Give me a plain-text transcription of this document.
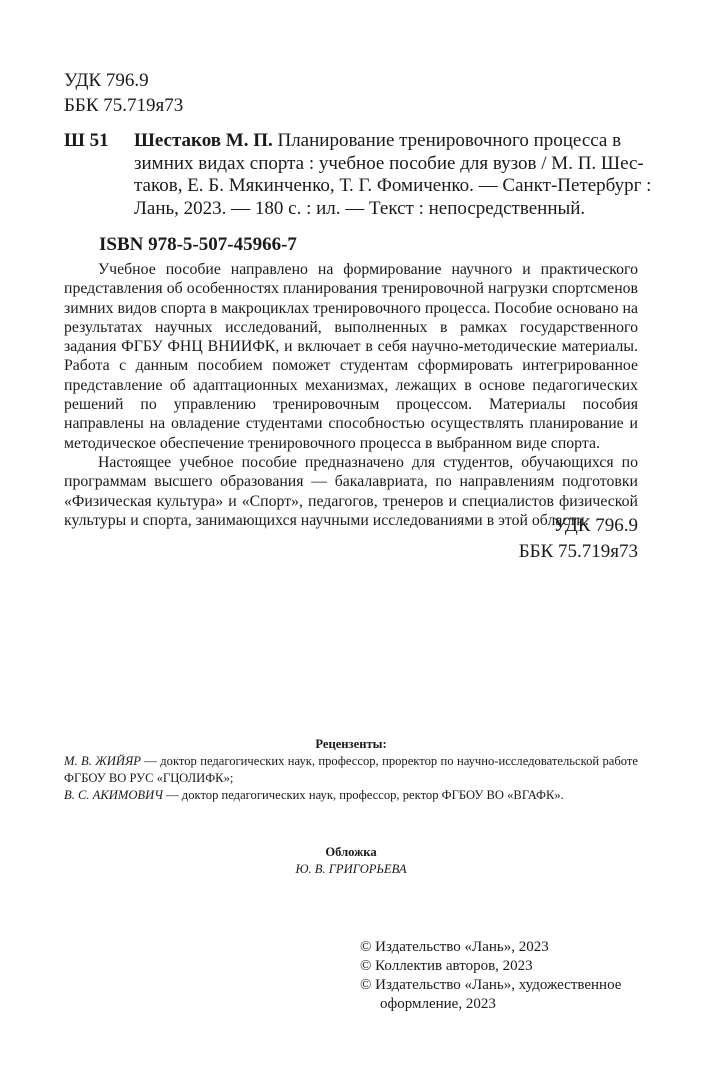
УДК 796.9
ББК 75.719я73
Ш 51	Шестаков М. П. Планирование тренировочного процесса в
зимних видах спорта : учебное пособие для вузов / М. П. Шес-
таков, Е. Б. Мякинченко, Т. Г. Фомиченко. — Санкт-Петербург :
Лань, 2023. — 180 с. : ил. — Текст : непосредственный.
ISBN 978-5-507-45966-7

Учебное пособие направлено на формирование научного и практического представления об особенностях планирования тренировочной нагрузки спортсменов зимних видов спорта в макроциклах тренировочного процесса. Пособие основано на результатах научных исследований, выполненных в рамках государственного задания ФГБУ ФНЦ ВНИИФК, и включает в себя научно-методические материалы. Работа с данным пособием поможет студентам сформировать интегрированное представление об адаптационных механизмах, лежащих в основе педагогических решений по управлению тренировочным процессом. Материалы пособия направлены на овладение студентами способностью осуществлять планирование и методическое обеспечение тренировочного процесса в выбранном виде спорта.

Настоящее учебное пособие предназначено для студентов, обучающихся по программам высшего образования — бакалавриата, по направлениям подготовки «Физическая культура» и «Спорт», педагогов, тренеров и специалистов физической культуры и спорта, занимающихся научными исследованиями в этой области.

УДК 796.9
ББК 75.719я73
Рецензенты:

М. В. ЖИЙЯР — доктор педагогических наук, профессор, проректор по научно-исследовательской работе ФГБОУ ВО РУС «ГЦОЛИФК»;

В. С. АКИМОВИЧ — доктор педагогических наук, профессор, ректор ФГБОУ ВО «ВГАФК».

Обложка
Ю. В. ГРИГОРЬЕВА
© Издательство «Лань», 2023
© Коллектив авторов, 2023
© Издательство «Лань», художественное
оформление, 2023
